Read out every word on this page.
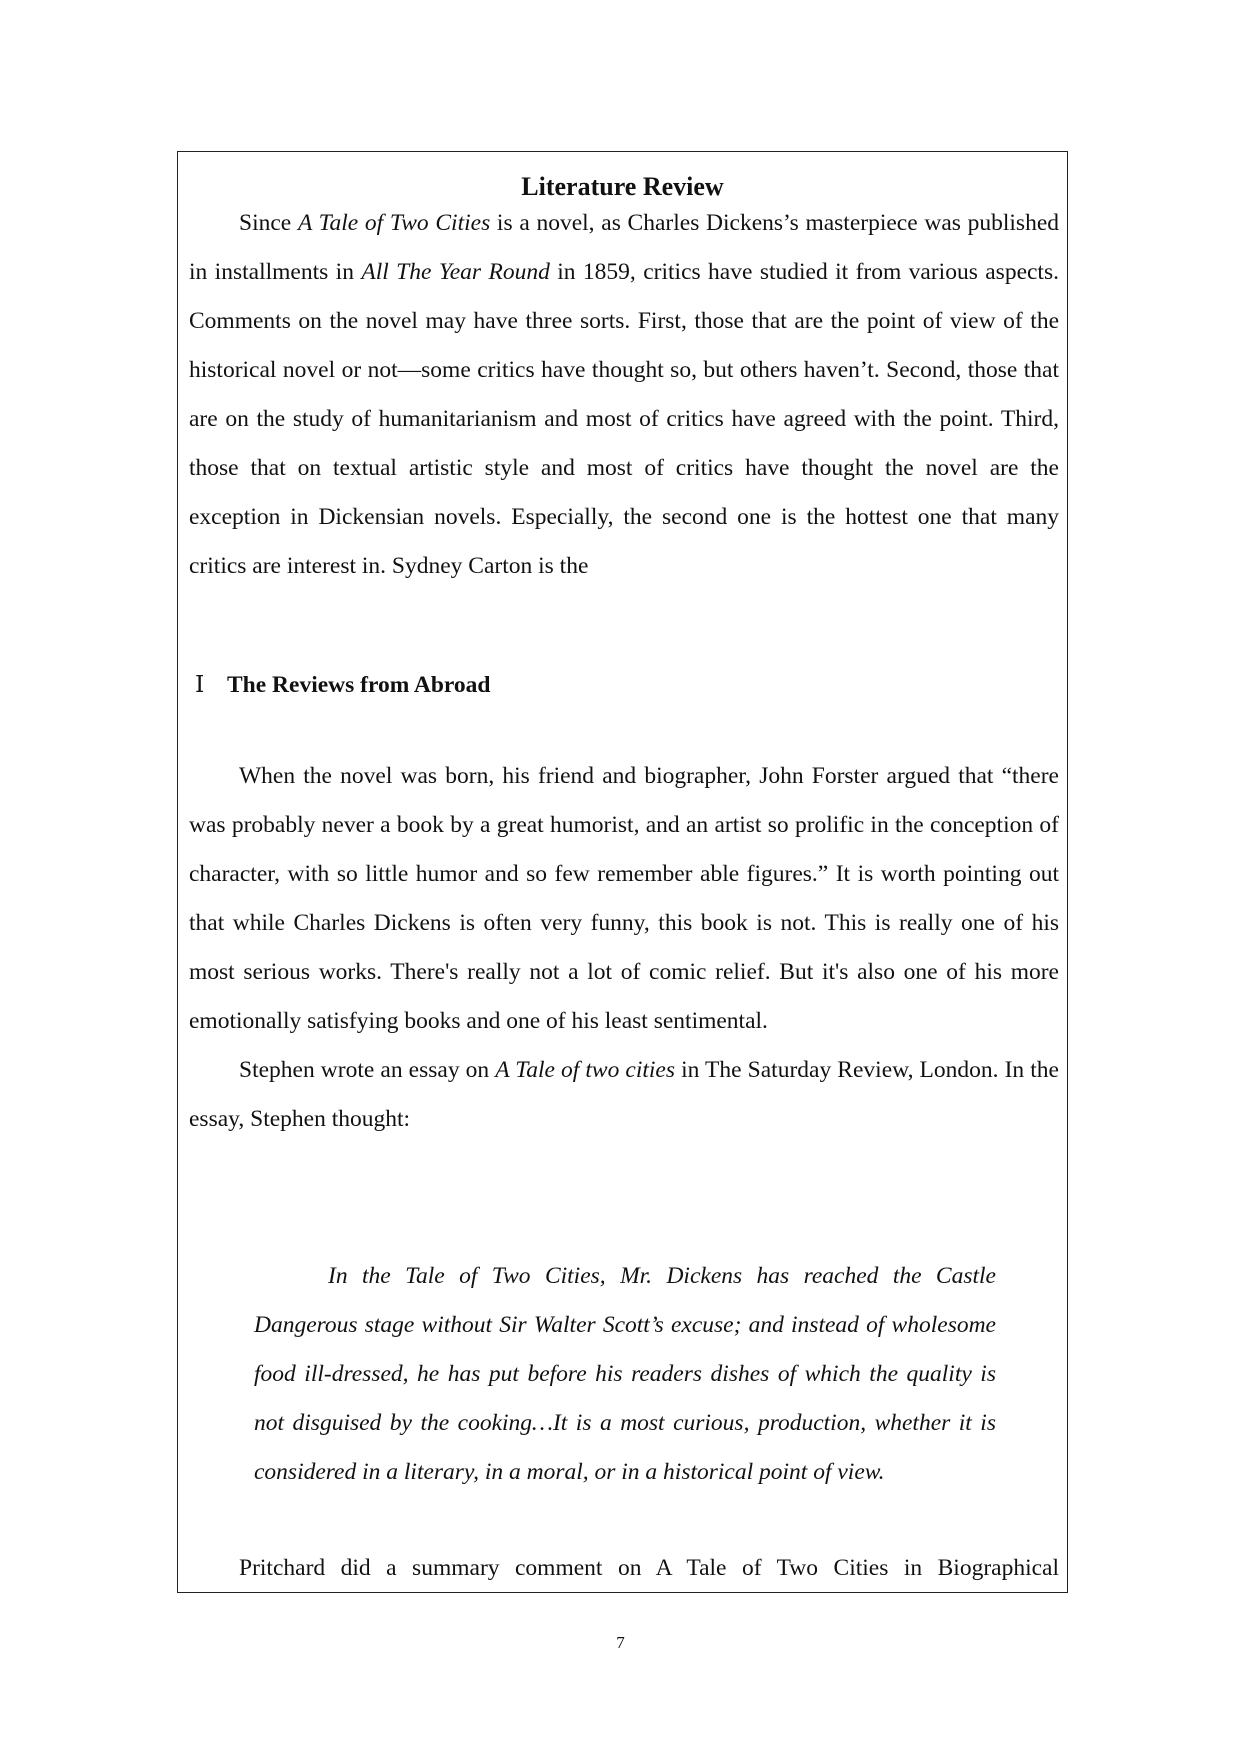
Literature Review

Since A Tale of Two Cities is a novel, as Charles Dickens’s masterpiece was published in installments in All The Year Round in 1859, critics have studied it from various aspects. Comments on the novel may have three sorts. First, those that are the point of view of the historical novel or not—some critics have thought so, but others haven’t. Second, those that are on the study of humanitarianism and most of critics have agreed with the point. Third, those that on textual artistic style and most of critics have thought the novel are the exception in Dickensian novels. Especially, the second one is the hottest one that many critics are interest in. Sydney Carton is the

Ⅰ The Reviews from Abroad

When the novel was born, his friend and biographer, John Forster argued that “there was probably never a book by a great humorist, and an artist so prolific in the conception of character, with so little humor and so few remember able figures.” It is worth pointing out that while Charles Dickens is often very funny, this book is not. This is really one of his most serious works. There's really not a lot of comic relief. But it's also one of his more emotionally satisfying books and one of his least sentimental.

Stephen wrote an essay on A Tale of two cities in The Saturday Review, London. In the essay, Stephen thought:

In the Tale of Two Cities, Mr. Dickens has reached the Castle Dangerous stage without Sir Walter Scott’s excuse; and instead of wholesome food ill-dressed, he has put before his readers dishes of which the quality is not disguised by the cooking…It is a most curious, production, whether it is considered in a literary, in a moral, or in a historical point of view.

Pritchard did a summary comment on A Tale of Two Cities in Biographical

7
